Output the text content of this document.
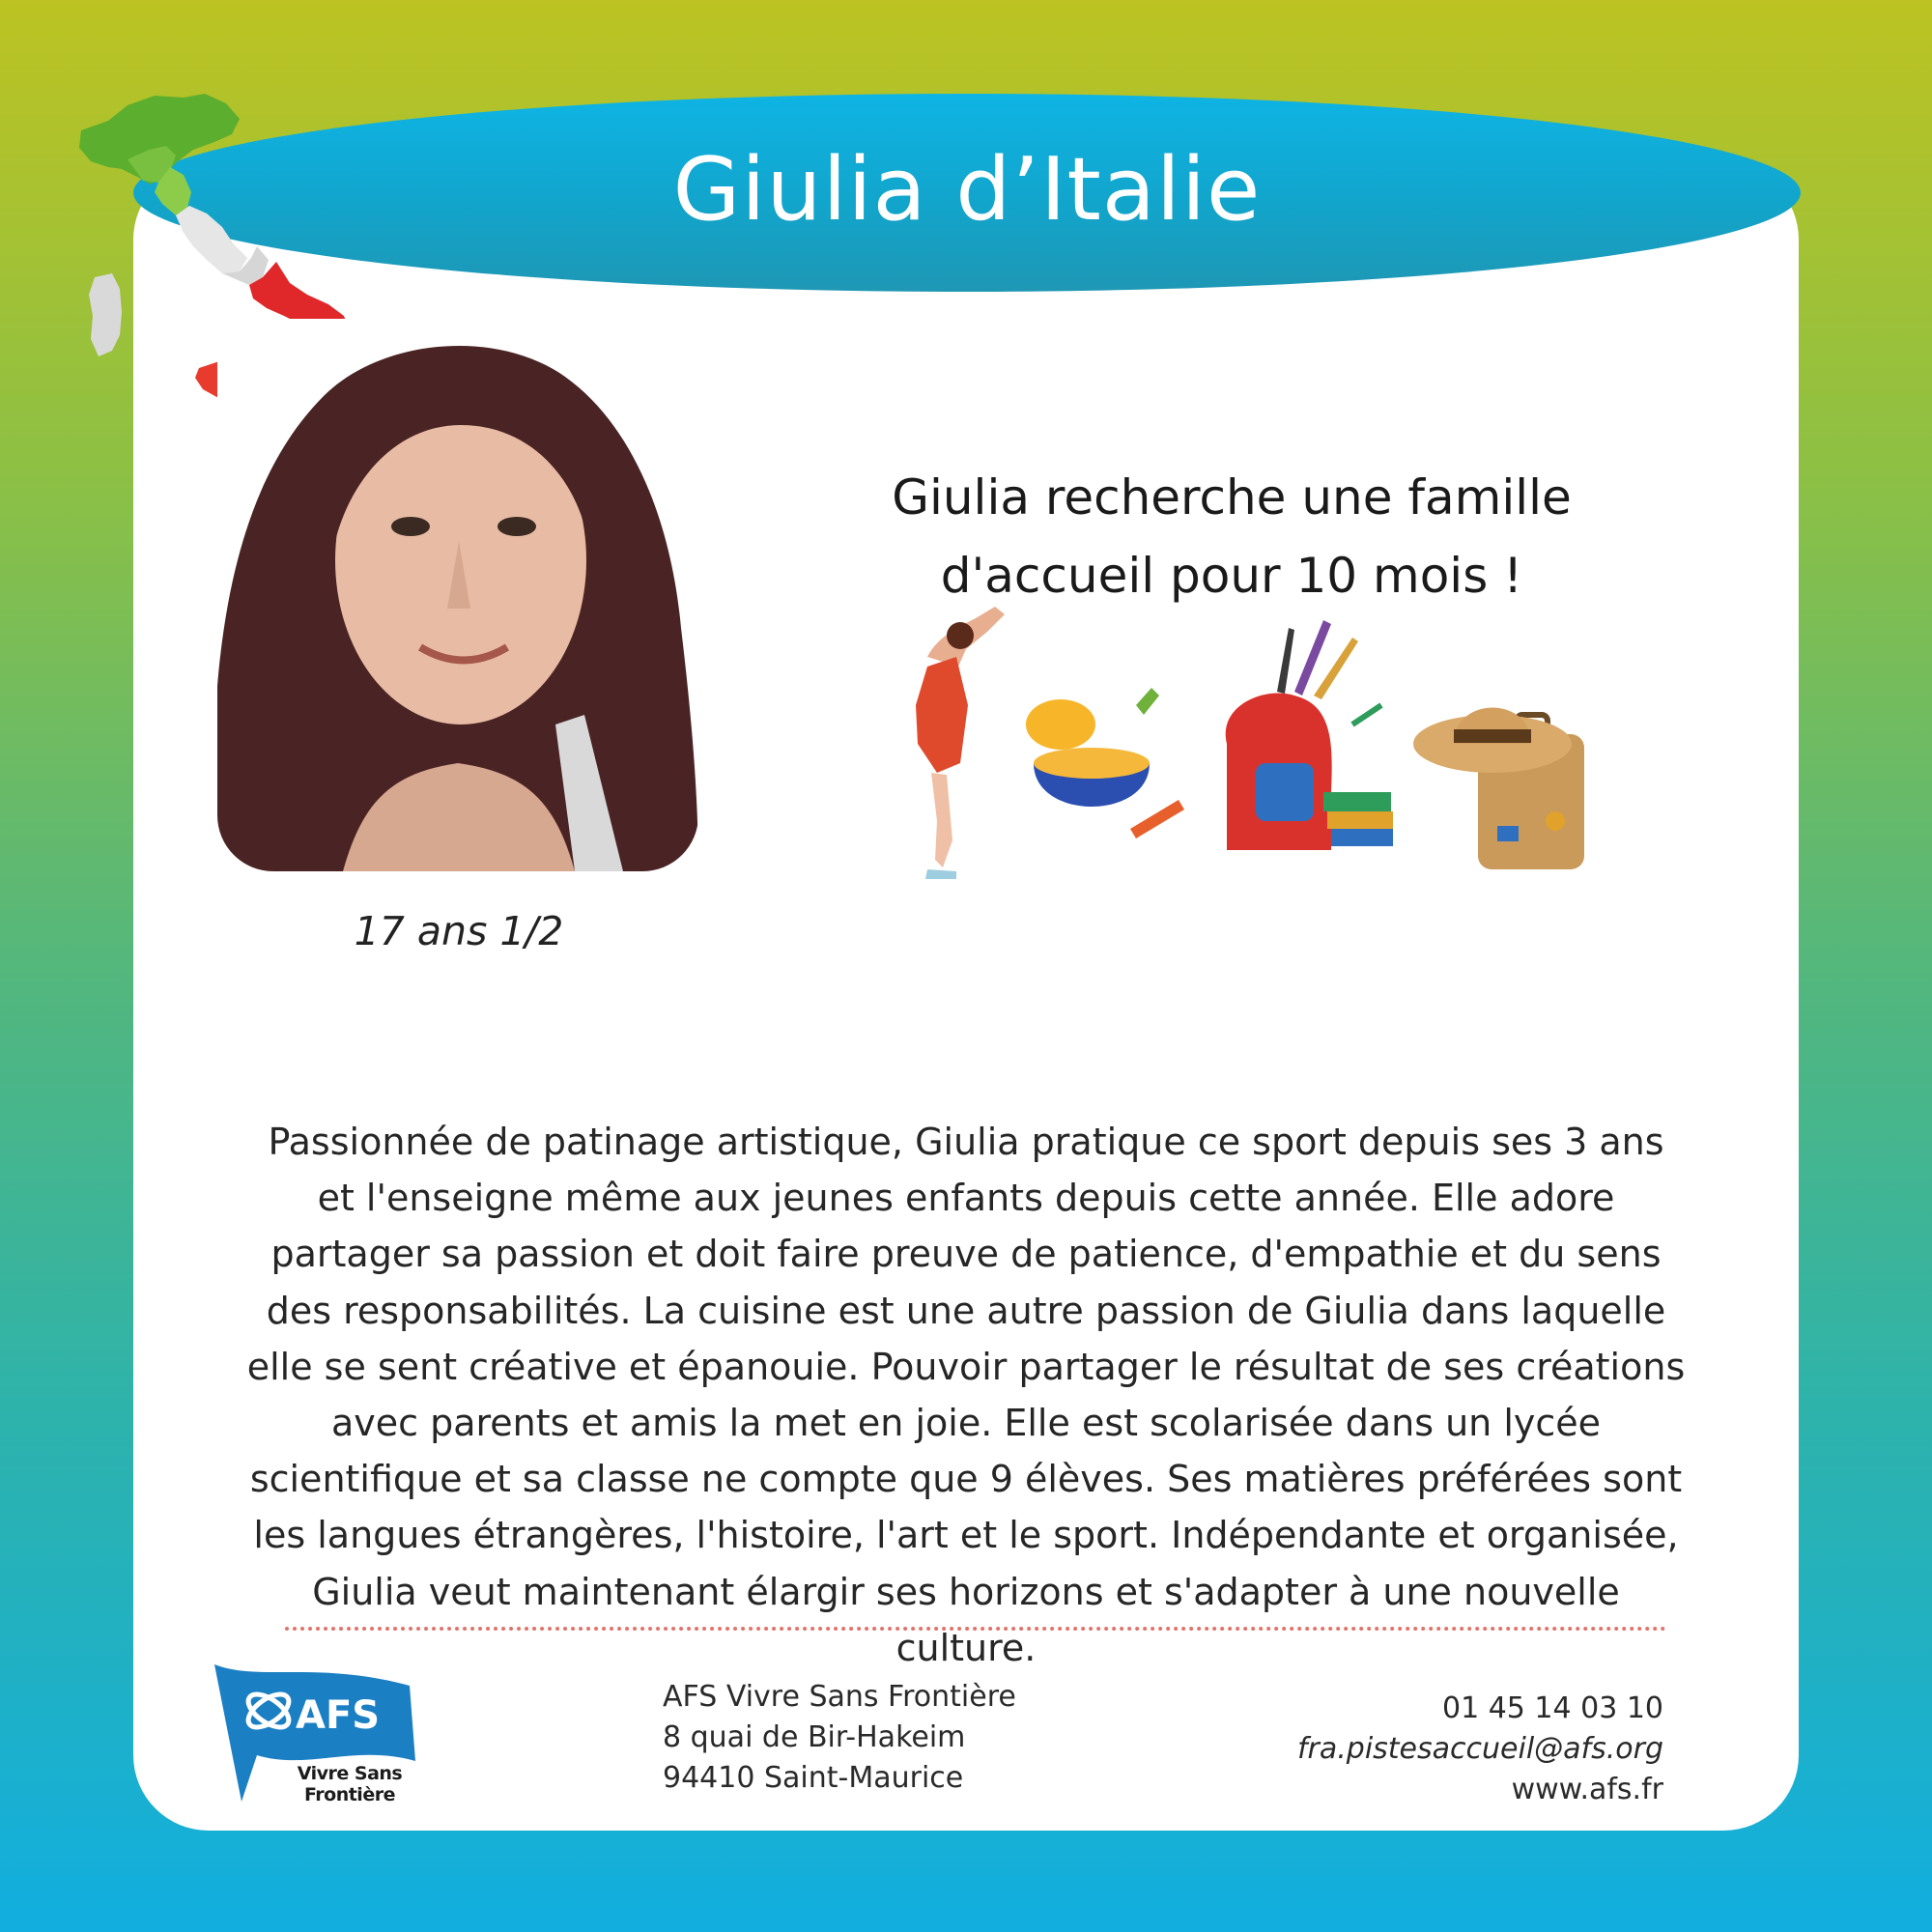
Giulia d’Italie
17 ans 1/2
Giulia recherche une famille
d'accueil pour 10 mois !
Passionnée de patinage artistique, Giulia pratique ce sport depuis ses 3 ans
et l'enseigne même aux jeunes enfants depuis cette année. Elle adore
partager sa passion et doit faire preuve de patience, d'empathie et du sens
des responsabilités. La cuisine est une autre passion de Giulia dans laquelle
elle se sent créative et épanouie. Pouvoir partager le résultat de ses créations
avec parents et amis la met en joie. Elle est scolarisée dans un lycée
scientifique et sa classe ne compte que 9 élèves. Ses matières préférées sont
les langues étrangères, l'histoire, l'art et le sport. Indépendante et organisée,
Giulia veut maintenant élargir ses horizons et s'adapter à une nouvelle
culture.
AFS
Vivre Sans
Frontière
AFS Vivre Sans Frontière
8 quai de Bir-Hakeim
94410 Saint-Maurice
01 45 14 03 10
fra.pistesaccueil@afs.org
www.afs.fr
